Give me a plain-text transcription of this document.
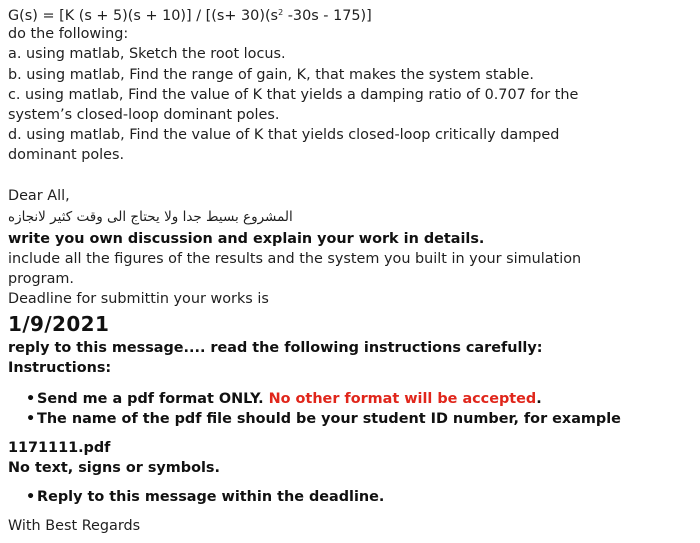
G(s) = [K $(s + 5)(s + 10)] / [(s+ 30)(s^2$ -30s - 175)]
do the following:
a. using matlab, Sketch the root locus.
b. using matlab, Find the range of gain, K, that makes the system stable.
c. using matlab, Find the value of K that yields a damping ratio of 0.707 for the
system’s closed-loop dominant poles.
d. using matlab, Find the value of K that yields closed-loop critically damped
dominant poles.
Dear All,
المشروع بسيط جدا ولا يحتاج الى وقت كثير لانجازه
write you own discussion and explain your work in details.
include all the figures of the results and the system you built in your simulation
program.
Deadline for submittin your works is
1/9/2021
reply to this message.... read the following instructions carefully:
Instructions:
• Send me a pdf format ONLY. No other format will be accepted.
• The name of the pdf file should be your student ID number, for example
1171111.pdf
No text, signs or symbols.
• Reply to this message within the deadline.
With Best Regards
